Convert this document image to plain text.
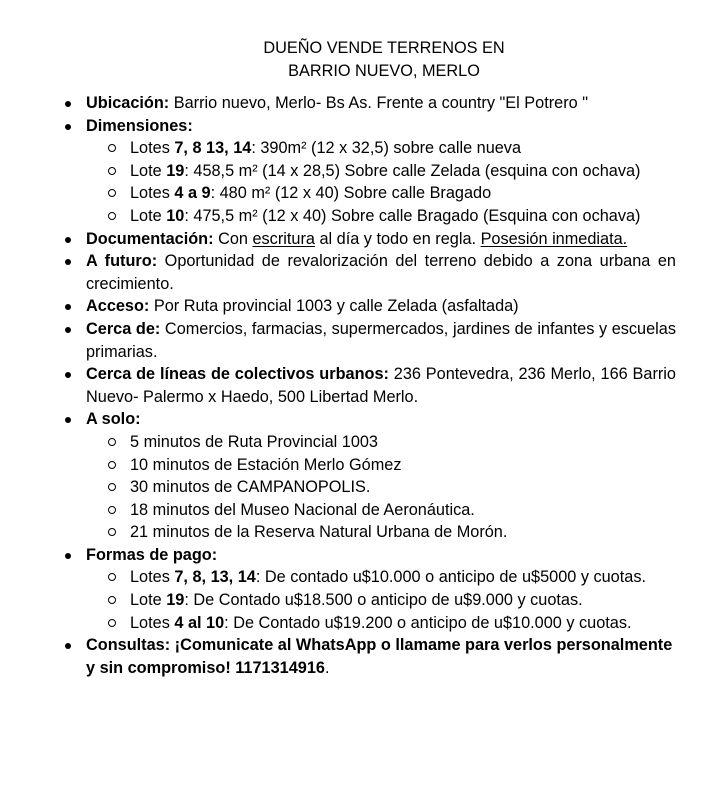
DUEÑO VENDE TERRENOS EN
BARRIO NUEVO, MERLO
Ubicación: Barrio nuevo, Merlo- Bs As. Frente a country "El Potrero "
Dimensiones:
Lotes 7, 8 13, 14: 390m² (12 x 32,5) sobre calle nueva
Lote 19: 458,5 m² (14 x 28,5) Sobre calle Zelada (esquina con ochava)
Lotes 4 a 9: 480 m² (12 x 40) Sobre calle Bragado
Lote 10: 475,5 m² (12 x 40) Sobre calle Bragado (Esquina con ochava)
Documentación: Con escritura al día y todo en regla. Posesión inmediata.
A futuro: Oportunidad de revalorización del terreno debido a zona urbana en crecimiento.
Acceso: Por Ruta provincial 1003 y calle Zelada (asfaltada)
Cerca de: Comercios, farmacias, supermercados, jardines de infantes y escuelas primarias.
Cerca de líneas de colectivos urbanos: 236 Pontevedra, 236 Merlo, 166 Barrio Nuevo- Palermo x Haedo, 500 Libertad Merlo.
A solo:
5 minutos de Ruta Provincial 1003
10 minutos de Estación Merlo Gómez
30 minutos de CAMPANOPOLIS.
18 minutos del Museo Nacional de Aeronáutica.
21 minutos de la Reserva Natural Urbana de Morón.
Formas de pago:
Lotes 7, 8, 13, 14: De contado u$10.000 o anticipo de u$5000 y cuotas.
Lote 19: De Contado u$18.500 o anticipo de u$9.000 y cuotas.
Lotes 4 al 10: De Contado u$19.200 o anticipo de u$10.000 y cuotas.
Consultas: ¡Comunicate al WhatsApp o llamame para verlos personalmente y sin compromiso! 1171314916.
